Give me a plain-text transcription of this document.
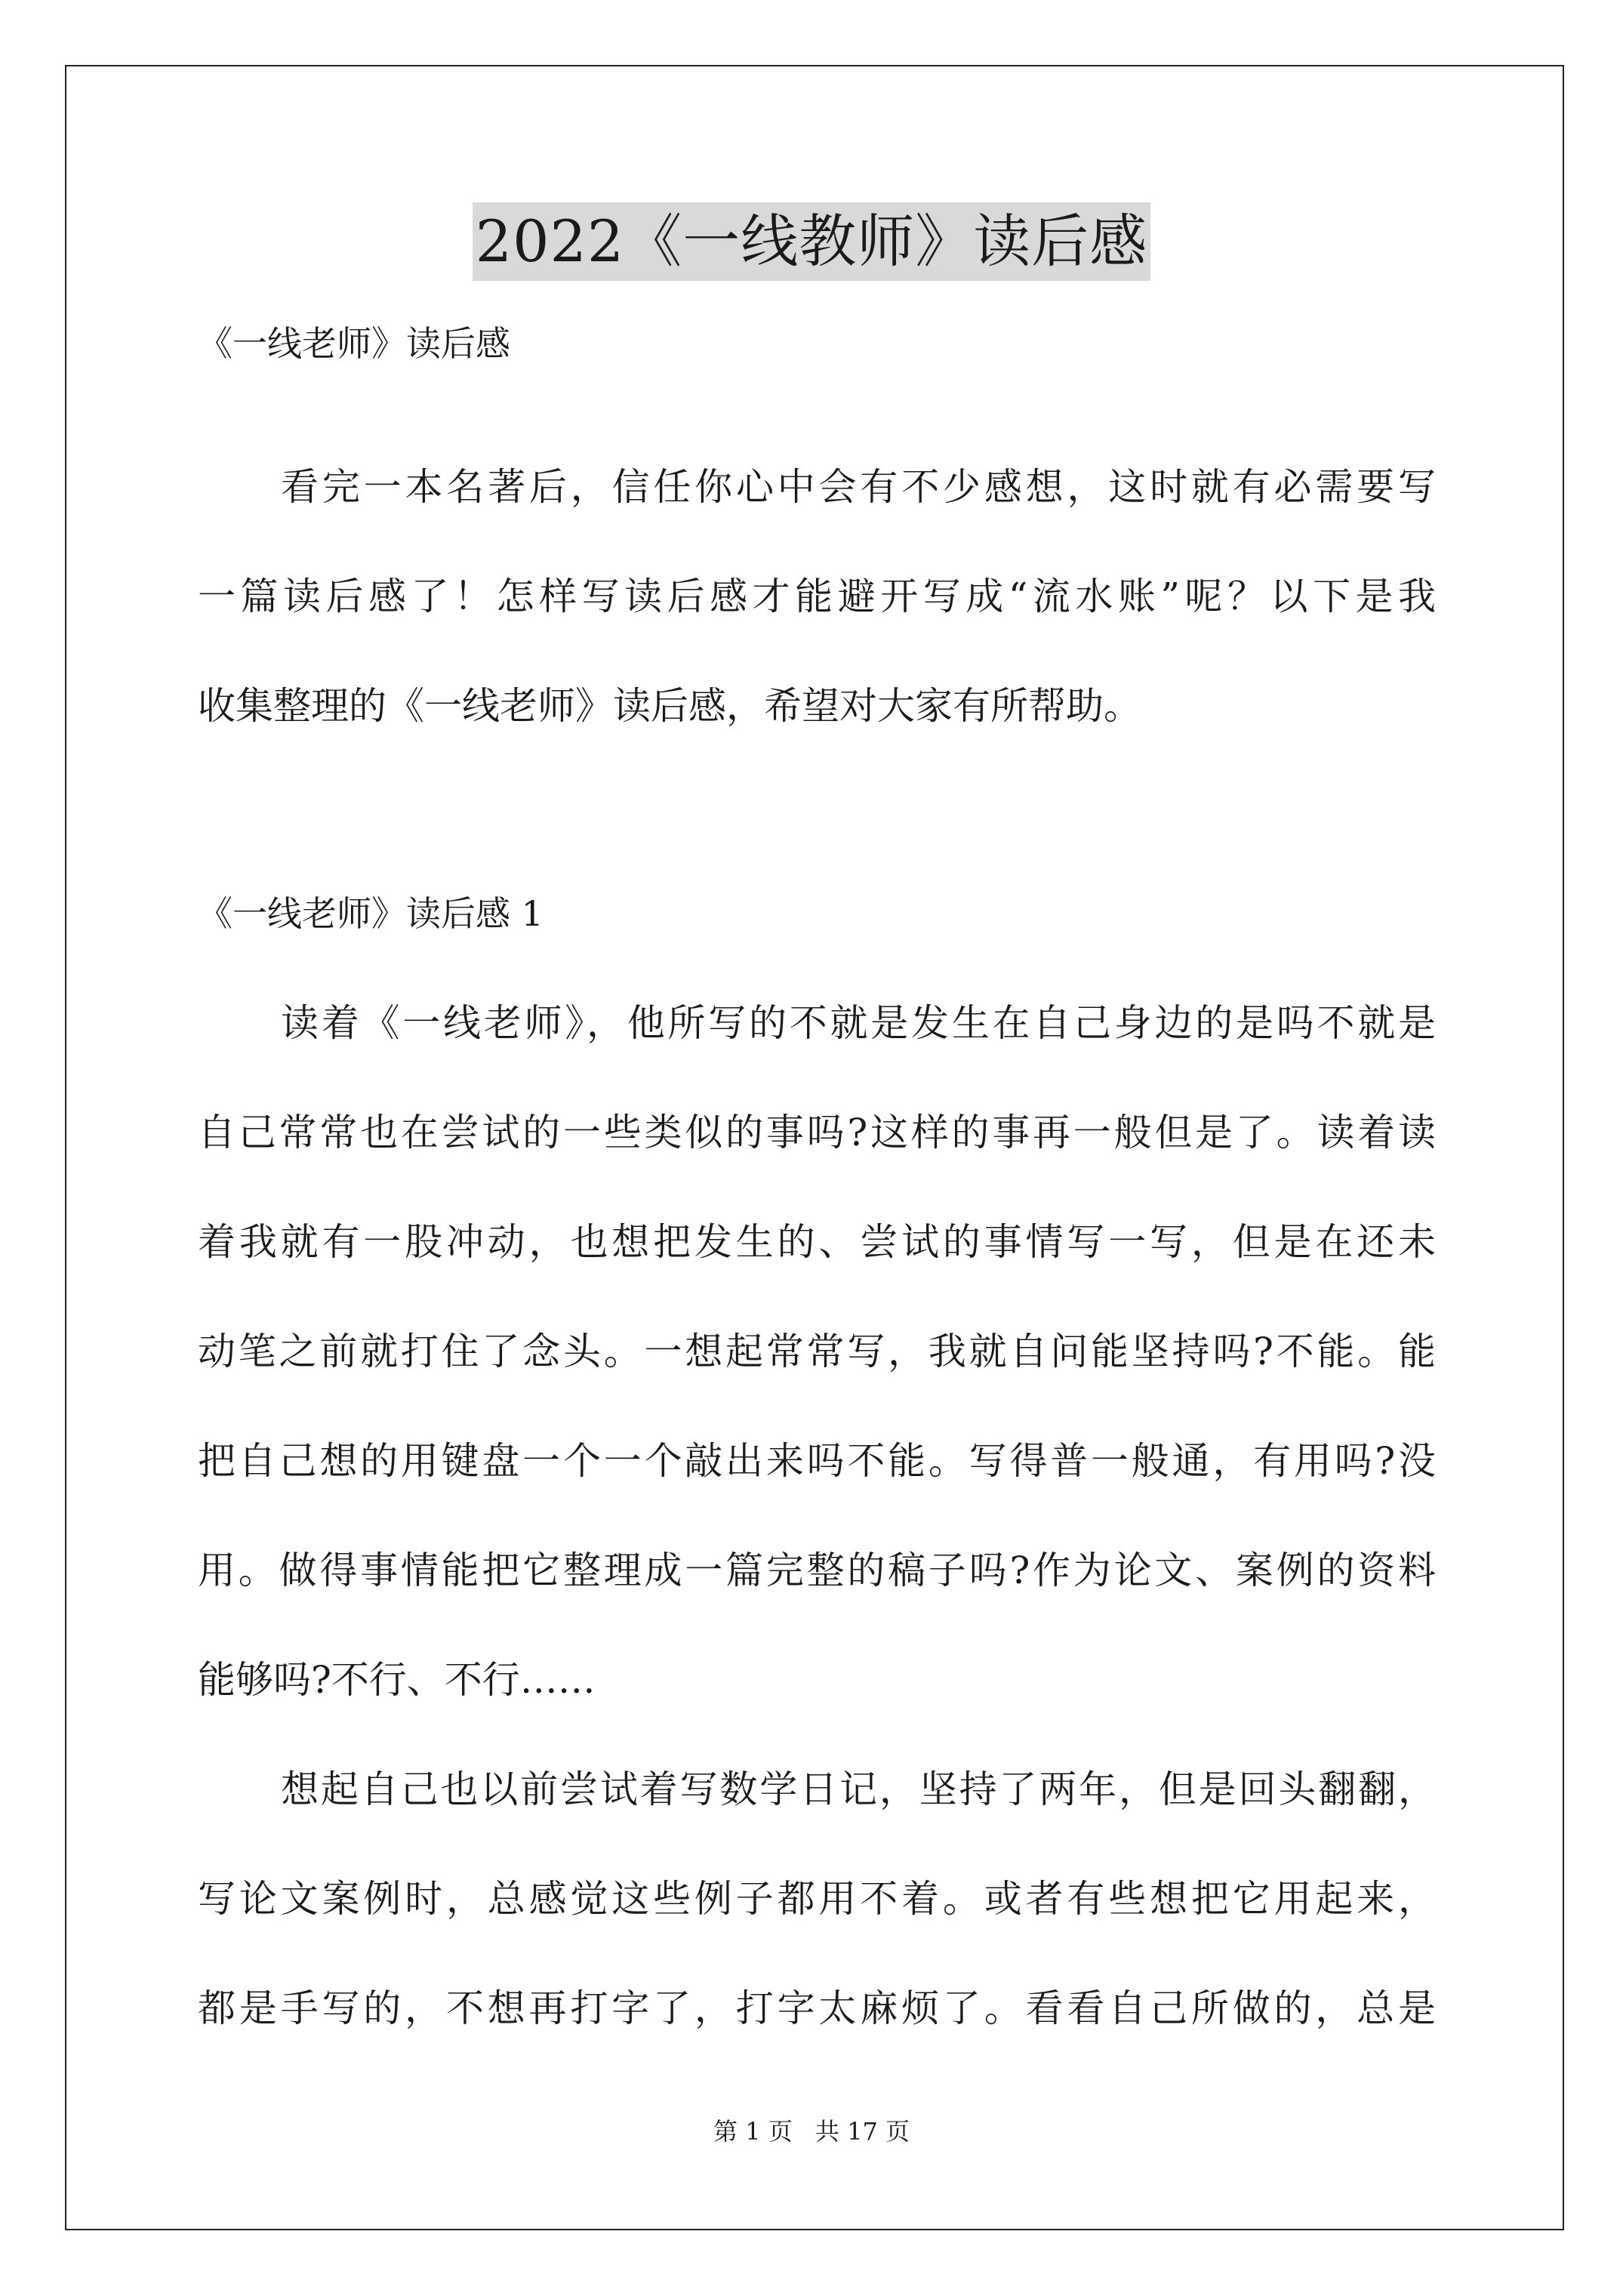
2022《一线教师》读后感
《一线老师》读后感
看完一本名著后，信任你心中会有不少感想，这时就有必需要写
一篇读后感了！怎样写读后感才能避开写成“流水账”呢？以下是我
收集整理的《一线老师》读后感，希望对大家有所帮助。
《一线老师》读后感 1
读着《一线老师》，他所写的不就是发生在自己身边的是吗不就是
自己常常也在尝试的一些类似的事吗?这样的事再一般但是了。读着读
着我就有一股冲动，也想把发生的、尝试的事情写一写，但是在还未
动笔之前就打住了念头。一想起常常写，我就自问能坚持吗?不能。能
把自己想的用键盘一个一个敲出来吗不能。写得普一般通，有用吗?没
用。做得事情能把它整理成一篇完整的稿子吗?作为论文、案例的资料
能够吗?不行、不行……
想起自己也以前尝试着写数学日记，坚持了两年，但是回头翻翻，
写论文案例时，总感觉这些例子都用不着。或者有些想把它用起来，
都是手写的，不想再打字了，打字太麻烦了。看看自己所做的，总是
第 1 页 共 17 页
